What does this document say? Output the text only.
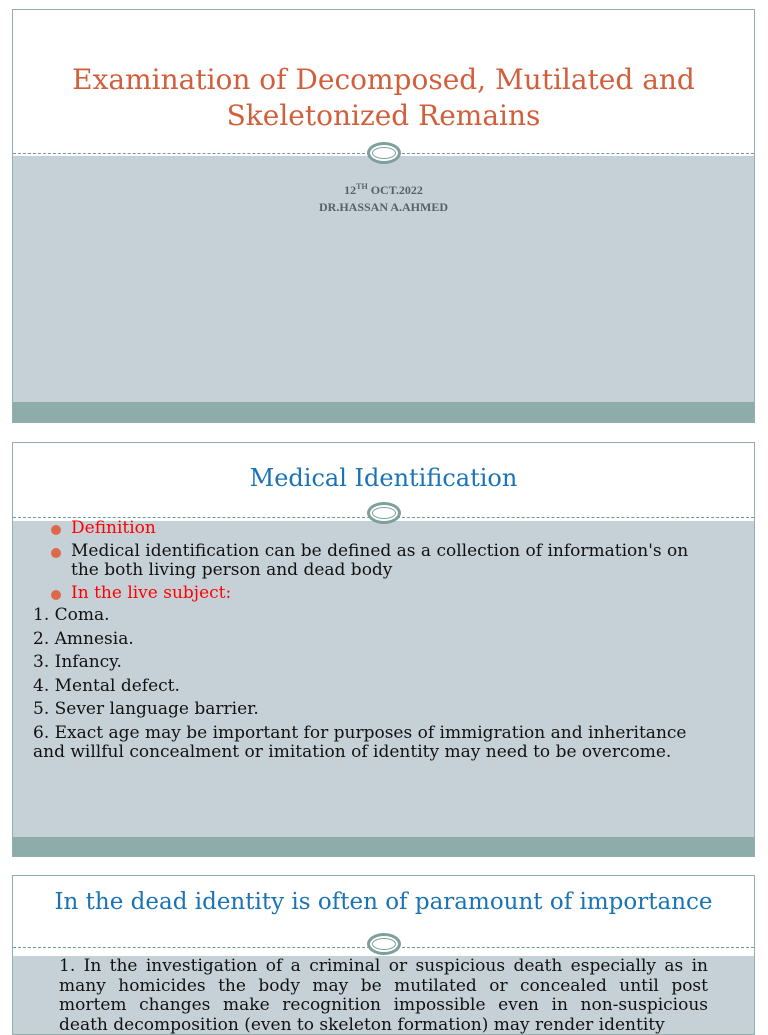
Examination of Decomposed, Mutilated and
Skeletonized Remains
12TH OCT.2022
DR.HASSAN A.AHMED
Medical Identification
Definition
Medical identification can be defined as a collection of information's on the both living person and dead body
In the live subject:
1. Coma.
2. Amnesia.
3. Infancy.
4. Mental defect.
5. Sever language barrier.
6. Exact age may be important for purposes of immigration and inheritance and willful concealment or imitation of identity may need to be overcome.
In the dead identity is often of paramount of importance
1. In the investigation of a criminal or suspicious death especially as in many homicides the body may be mutilated or concealed until post mortem changes make recognition impossible even in non-suspicious death decomposition (even to skeleton formation) may render identity
